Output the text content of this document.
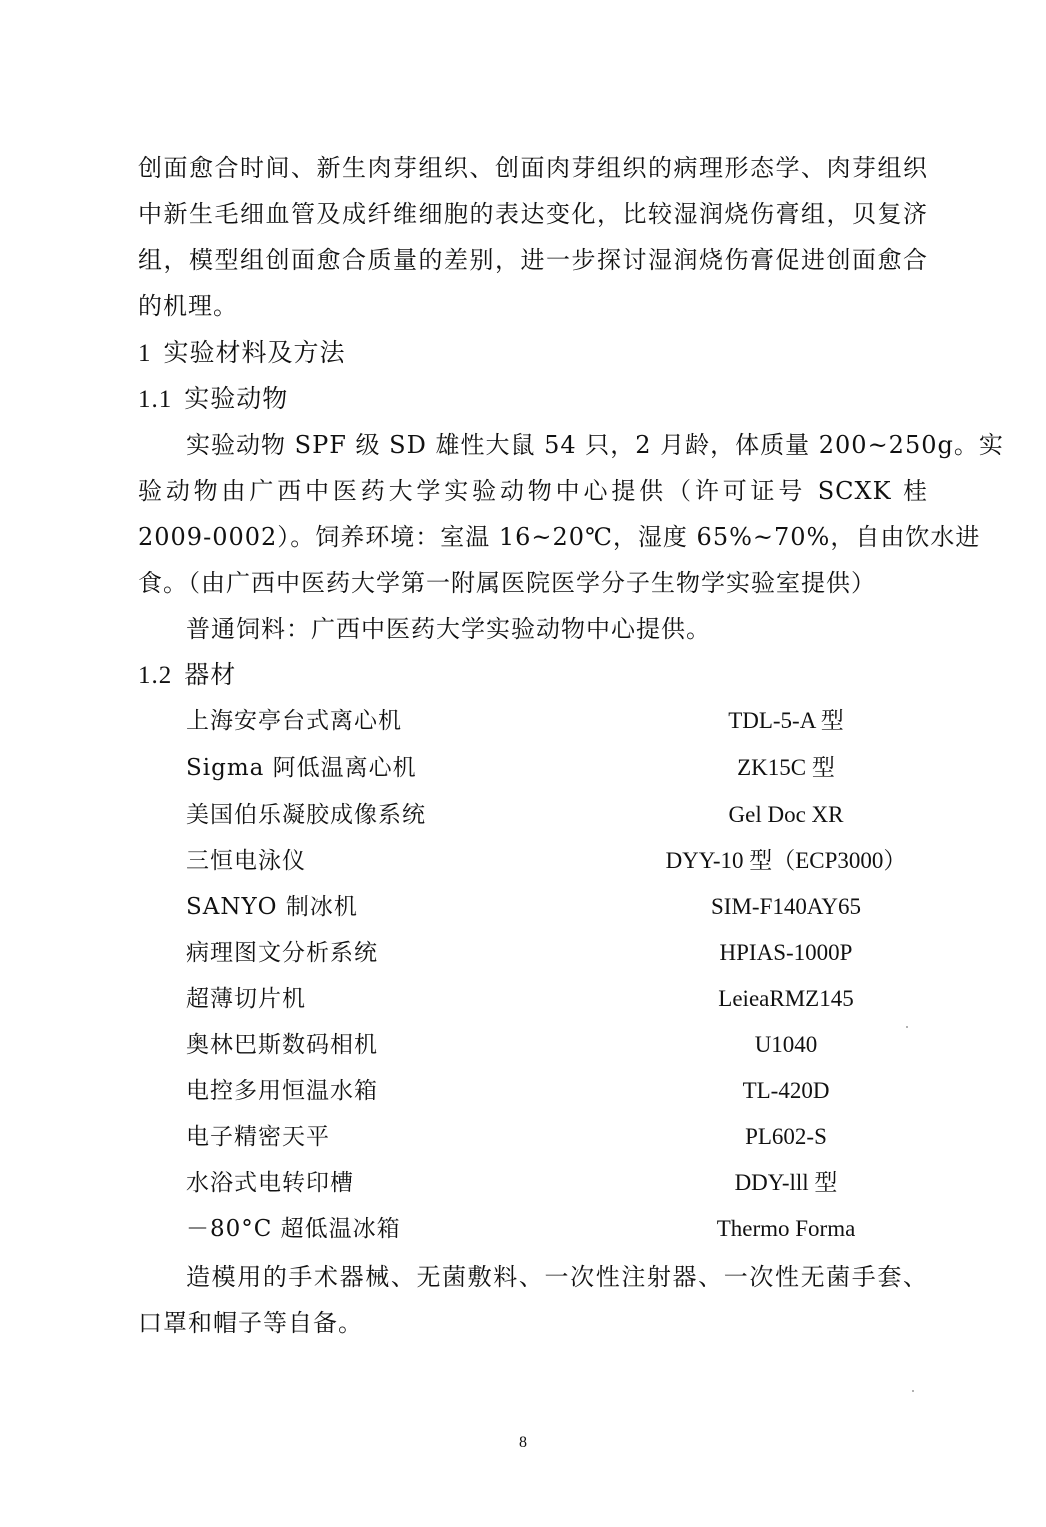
创面愈合时间、新生肉芽组织、创面肉芽组织的病理形态学、肉芽组织
中新生毛细血管及成纤维细胞的表达变化，比较湿润烧伤膏组，贝复济
组，模型组创面愈合质量的差别，进一步探讨湿润烧伤膏促进创面愈合
的机理。
1 实验材料及方法
1.1 实验动物
实验动物 SPF 级 SD 雄性大鼠 54 只，2 月龄，体质量 200~250g。实
验动物由广西中医药大学实验动物中心提供（许可证号 SCXK 桂
2009-0002）。饲养环境：室温 16~20℃，湿度 65%~70%，自由饮水进
食。（由广西中医药大学第一附属医院医学分子生物学实验室提供）
普通饲料：广西中医药大学实验动物中心提供。
1.2 器材
上海安亭台式离心机	TDL-5-A 型
Sigma 阿低温离心机	ZK15C 型
美国伯乐凝胶成像系统	Gel Doc XR
三恒电泳仪	DYY-10 型（ECP3000）
SANYO 制冰机	SIM-F140AY65
病理图文分析系统	HPIAS-1000P
超薄切片机	LeieaRMZ145
奥林巴斯数码相机	U1040
电控多用恒温水箱	TL-420D
电子精密天平	PL602-S
水浴式电转印槽	DDY-lll 型
－80°C 超低温冰箱	Thermo Forma
造模用的手术器械、无菌敷料、一次性注射器、一次性无菌手套、
口罩和帽子等自备。
8
